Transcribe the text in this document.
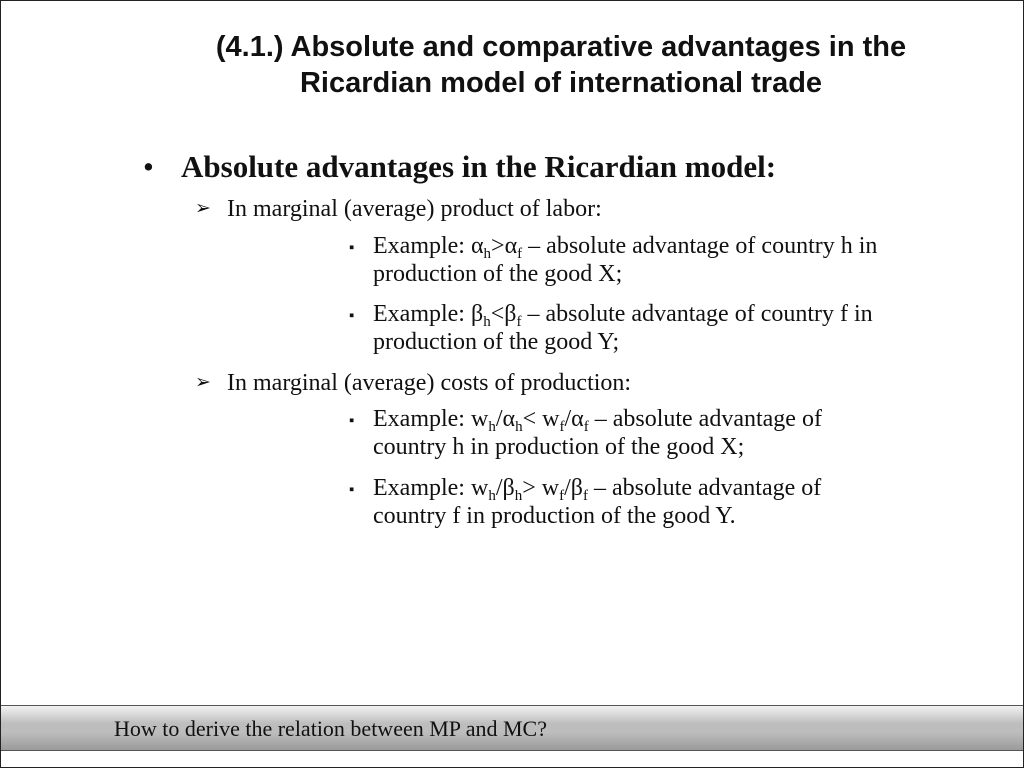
(4.1.) Absolute and comparative advantages in the
Ricardian model of international trade
• Absolute advantages in the Ricardian model:
➢ In marginal (average) product of labor:
▪ Example: $\alpha_h>\alpha_f$ – absolute advantage of country h in
production of the good X;
▪ Example: $\beta_h<\beta_f$ – absolute advantage of country f in
production of the good Y;
➢ In marginal (average) costs of production:
▪ Example: $w_h/\alpha_h< w_f/\alpha_f$ – absolute advantage of
country h in production of the good X;
▪ Example: $w_h/\beta_h> w_f/\beta_f$ – absolute advantage of
country f in production of the good Y.
How to derive the relation between MP and MC?
